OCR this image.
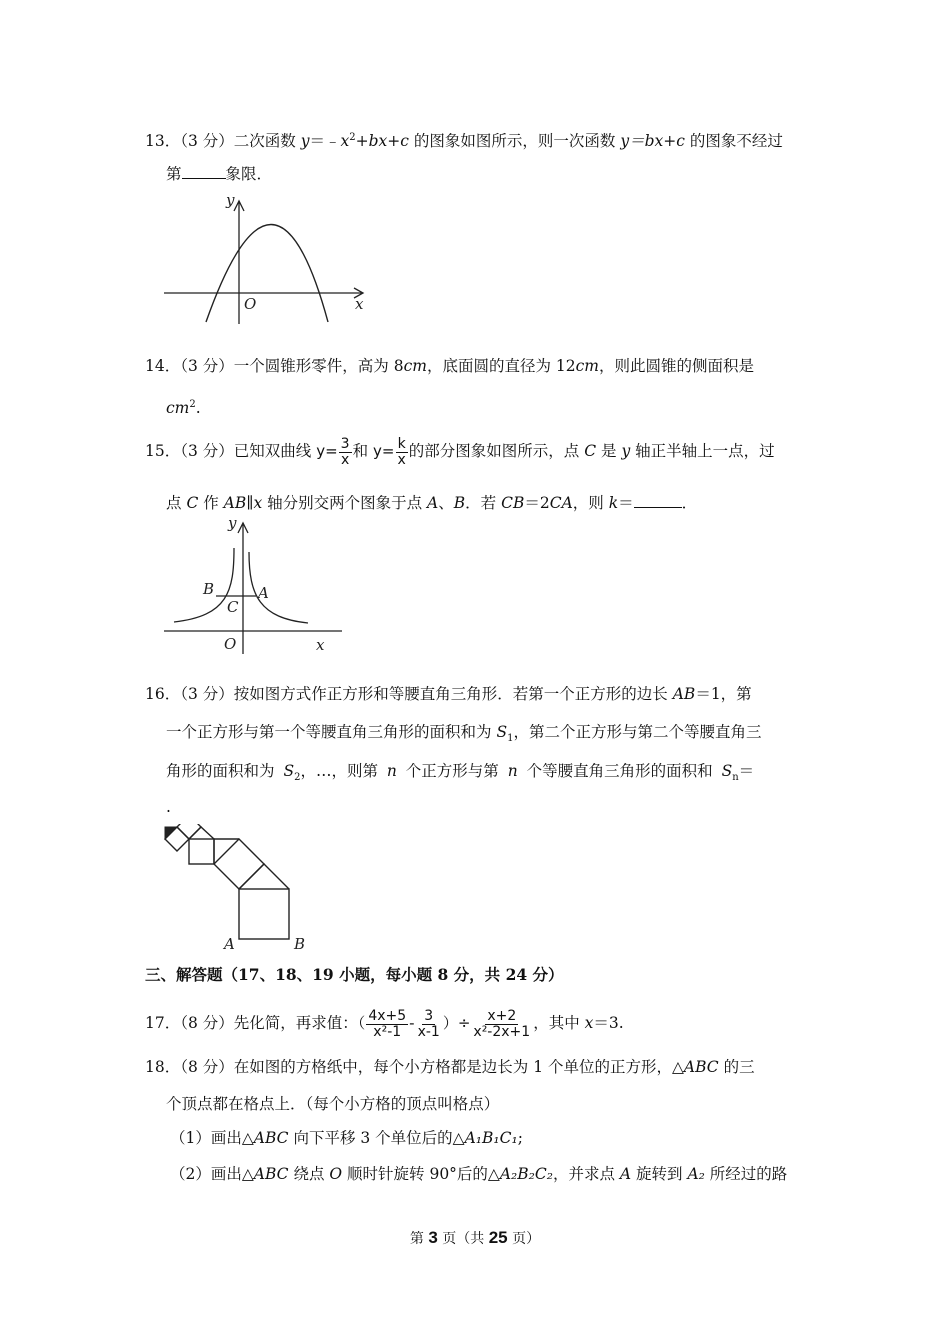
13．（3 分）二次函数 $y=﹣x^2+bx+c$ 的图象如图所示，则一次函数 y＝bx+c 的图象不经过
第	象限．
y
O	x
14．（3 分）一个圆锥形零件，高为 8cm，底面圆的直径为 12cm，则此圆锥的侧面积是
$cm^2$.
15．（3 分）已知双曲线 $y= \frac{3}{x}$ 和 $y= \frac{k}{x}$ 的部分图象如图所示，点 C 是 y 轴正半轴上一点，过
点 C 作 AB∥x 轴分别交两个图象于点 A、B．若 CB＝2CA，则 k＝	．
y
B	A
C
O	x
16．（3 分）按如图方式作正方形和等腰直角三角形．若第一个正方形的边长 AB＝1，第
一个正方形与第一个等腰直角三角形的面积和为 $S_1$，第二个正方形与第二个等腰直角三
角形的面积和为 $S_2$，…，则第 n 个正方形与第 n 个等腰直角三角形的面积和 $S_n=$
.
A	B
三、解答题（17、18、19 小题，每小题 8 分，共 24 分）
17．（8 分）先化简，再求值：（ $\frac{4x+5}{\text{x²-1}} - \frac{3}{x-1}$ ）÷ $\frac{x+2}{\text{x²-2x+1}}$ ，其中 x＝3.
18．（8 分）在如图的方格纸中，每个小方格都是边长为 1 个单位的正方形，△ABC 的三
个顶点都在格点上．（每个小方格的顶点叫格点）
（1）画出△ABC 向下平移 3 个单位后的△A₁B₁C₁;
（2）画出△ABC 绕点 O 顺时针旋转 90°后的△A₂B₂C₂，并求点 A 旋转到 A₂ 所经过的路
第 3 页（共 25 页）
